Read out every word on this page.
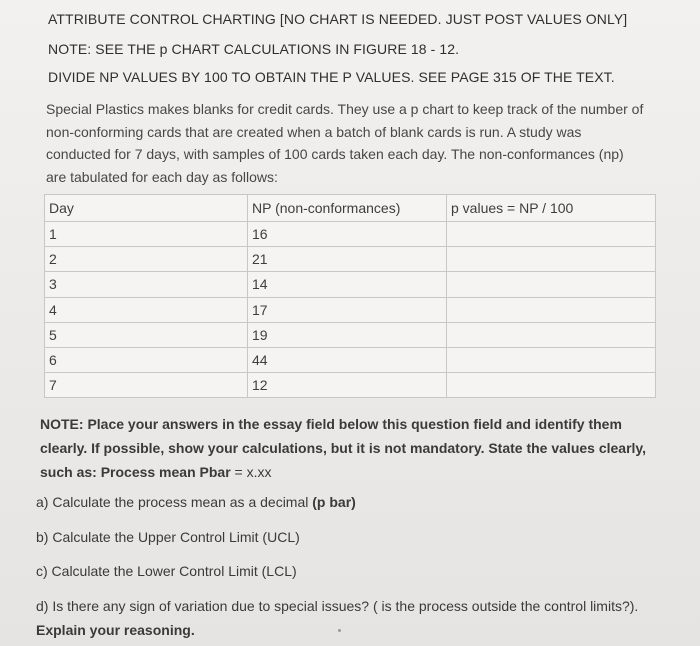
ATTRIBUTE CONTROL CHARTING [NO CHART IS NEEDED. JUST POST VALUES ONLY]
NOTE: SEE THE p CHART CALCULATIONS IN FIGURE 18 - 12.
DIVIDE NP VALUES BY 100 TO OBTAIN THE P VALUES. SEE PAGE 315 OF THE TEXT.
Special Plastics makes blanks for credit cards. They use a p chart to keep track of the number of non-conforming cards that are created when a batch of blank cards is run. A study was conducted for 7 days, with samples of 100 cards taken each day. The non-conformances (np) are tabulated for each day as follows:
Day	NP (non-conformances)	p values = NP / 100
1	16	
2	21	
3	14	
4	17	
5	19	
6	44	
7	12	
NOTE: Place your answers in the essay field below this question field and identify them clearly. If possible, show your calculations, but it is not mandatory. State the values clearly, such as: Process mean Pbar = x.xx
a) Calculate the process mean as a decimal (p bar)
b) Calculate the Upper Control Limit (UCL)
c) Calculate the Lower Control Limit (LCL)
d) Is there any sign of variation due to special issues? ( is the process outside the control limits?). Explain your reasoning.
